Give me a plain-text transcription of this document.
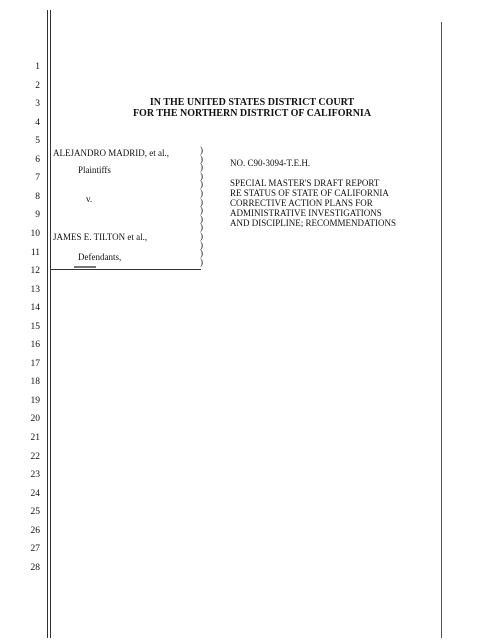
1
2
3
4
5
6
7
8
9
10
11
12
13
14
15
16
17
18
19
20
21
22
23
24
25
26
27
28
IN THE UNITED STATES DISTRICT COURT
FOR THE NORTHERN DISTRICT OF CALIFORNIA
ALEJANDRO MADRID, et al.,
Plaintiffs
v.
JAMES E. TILTON et al.,
Defendants,
)
)
)
)
)
)
)
)
)
)
)
)
)
)
NO. C90-3094-T.E.H.
SPECIAL MASTER'S DRAFT REPORT
RE STATUS OF STATE OF CALIFORNIA
CORRECTIVE ACTION PLANS FOR
ADMINISTRATIVE INVESTIGATIONS
AND DISCIPLINE; RECOMMENDATIONS
